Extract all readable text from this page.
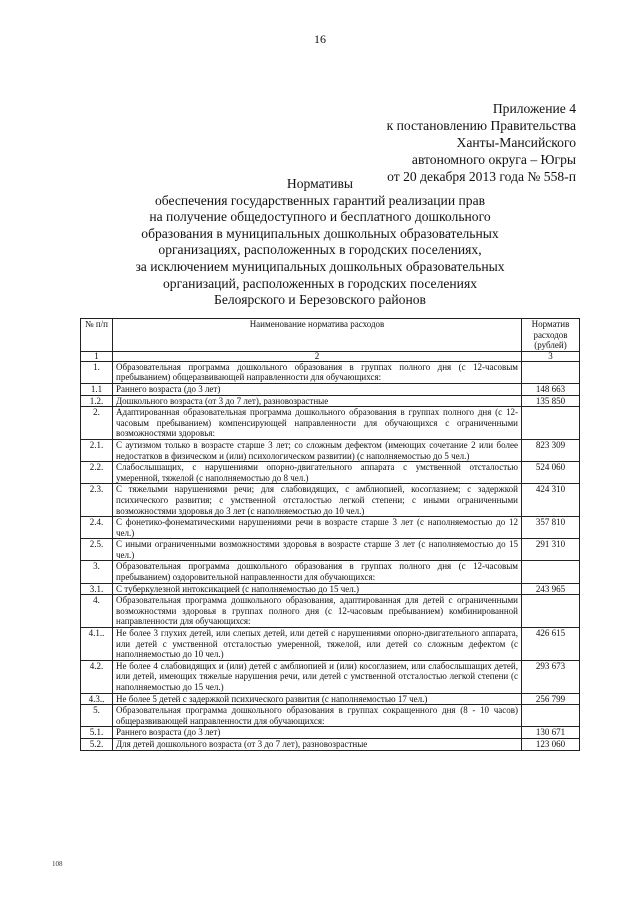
16
Приложение 4
к постановлению Правительства
Ханты-Мансийского
автономного округа – Югры
от 20 декабря 2013 года № 558-п
Нормативы
обеспечения государственных гарантий реализации прав
на получение общедоступного и бесплатного дошкольного
образования в муниципальных дошкольных образовательных
организациях, расположенных в городских поселениях,
за исключением муниципальных дошкольных образовательных
организаций, расположенных в городских поселениях
Белоярского и Березовского районов
№ п/п	Наименование норматива расходов	Норматив расходов (рублей)
1	2	3
1.	Образовательная программа дошкольного образования в группах полного дня (с 12-часовым пребыванием) общеразвивающей направленности для обучающихся:	
1.1	Раннего возраста (до 3 лет)	148 663
1.2.	Дошкольного возраста (от 3 до 7 лет), разновозрастные	135 850
2.	Адаптированная образовательная программа дошкольного образования в группах полного дня (с 12-часовым пребыванием) компенсирующей направленности для обучающихся с ограниченными возможностями здоровья:	
2.1.	С аутизмом только в возрасте старше 3 лет; со сложным дефектом (имеющих сочетание 2 или более недостатков в физическом и (или) психологическом развитии) (с наполняемостью до 5 чел.)	823 309
2.2.	Слабослышащих, с нарушениями опорно-двигательного аппарата с умственной отсталостью умеренной, тяжелой (с наполняемостью до 8 чел.)	524 060
2.3.	С тяжелыми нарушениями речи; для слабовидящих, с амблиопией, косоглазием; с задержкой психического развития; с умственной отсталостью легкой степени; с иными ограниченными возможностями здоровья до 3 лет (с наполняемостью до 10 чел.)	424 310
2.4.	С фонетико-фонематическими нарушениями речи в возрасте старше 3 лет (с наполняемостью до 12 чел.)	357 810
2.5.	С иными ограниченными возможностями здоровья в возрасте старше 3 лет (с наполняемостью до 15 чел.)	291 310
3.	Образовательная программа дошкольного образования в группах полного дня (с 12-часовым пребыванием) оздоровительной направленности для обучающихся:	
3.1.	С туберкулезной интоксикацией (с наполняемостью до 15 чел.)	243 965
4.	Образовательная программа дошкольного образования, адаптированная для детей с ограниченными возможностями здоровья в группах полного дня (с 12-часовым пребыванием) комбинированной направленности для обучающихся:	
4.1..	Не более 3 глухих детей, или слепых детей, или детей с нарушениями опорно-двигательного аппарата, или детей с умственной отсталостью умеренной, тяжелой, или детей со сложным дефектом (с наполняемостью до 10 чел.)	426 615
4.2.	Не более 4 слабовидящих и (или) детей с амблиопией и (или) косоглазием, или слабослышащих детей, или детей, имеющих тяжелые нарушения речи, или детей с умственной отсталостью легкой степени (с наполняемостью до 15 чел.)	293 673
4.3..	Не более 5 детей с задержкой психического развития (с наполняемостью 17 чел.)	256 799
5.	Образовательная программа дошкольного образования в группах сокращенного дня (8 - 10 часов) общеразвивающей направленности для обучающихся:	
5.1.	Раннего возраста (до 3 лет)	130 671
5.2.	Для детей дошкольного возраста (от 3 до 7 лет), разновозрастные	123 060
108
